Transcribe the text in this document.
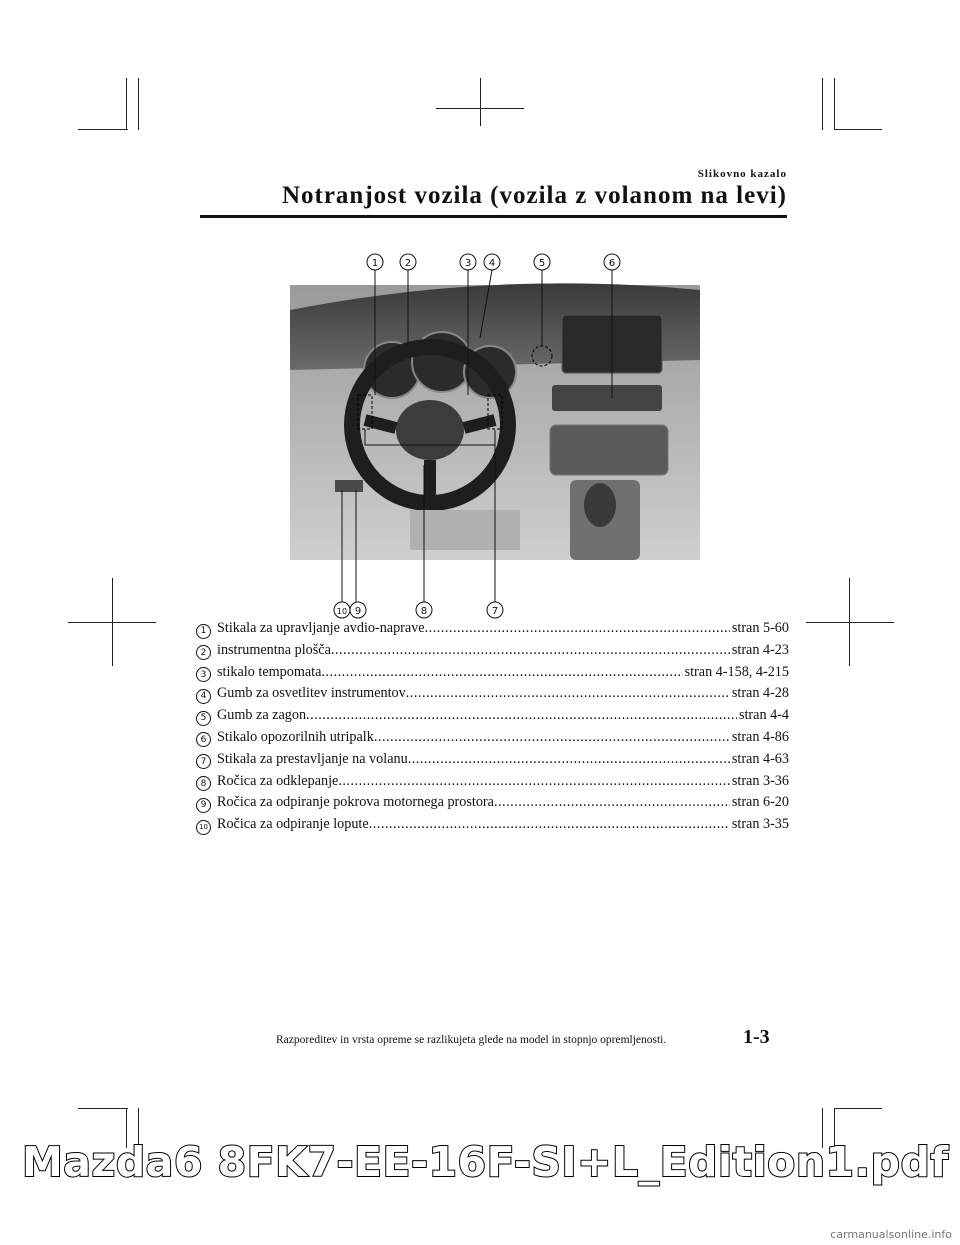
Slikovno kazalo
Notranjost vozila (vozila z volanom na levi)
1	2	3 4	5	6
10 9	8	7
1 Stikala za upravljanje avdio-naprave .....	stran 5-60
2 instrumentna plošča .....	stran 4-23
3 stikalo tempomata .....	stran 4-158, 4-215
4 Gumb za osvetlitev instrumentov .....	stran 4-28
5 Gumb za zagon .....	stran 4-4
6 Stikalo opozorilnih utripalk .....	stran 4-86
7 Stikala za prestavljanje na volanu .....	stran 4-63
8 Ročica za odklepanje .....	stran 3-36
9 Ročica za odpiranje pokrova motornega prostora .....	stran 6-20
10 Ročica za odpiranje lopute .....	stran 3-35
Razporeditev in vrsta opreme se razlikujeta glede na model in stopnjo opremljenosti.	1-3
Mazda6 8FK7-EE-16F-SI+L_Edition1.pdf
carmanualsonline.info
